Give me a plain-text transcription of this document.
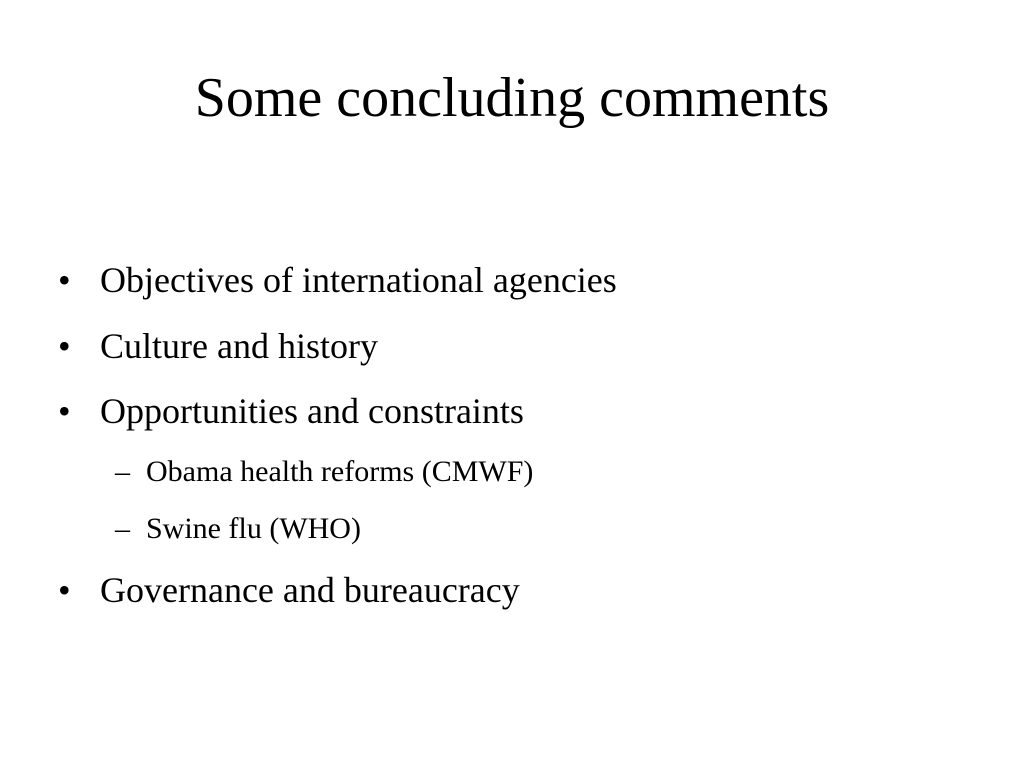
Some concluding comments
• Objectives of international agencies
• Culture and history
• Opportunities and constraints
– Obama health reforms (CMWF)
– Swine flu (WHO)
• Governance and bureaucracy
